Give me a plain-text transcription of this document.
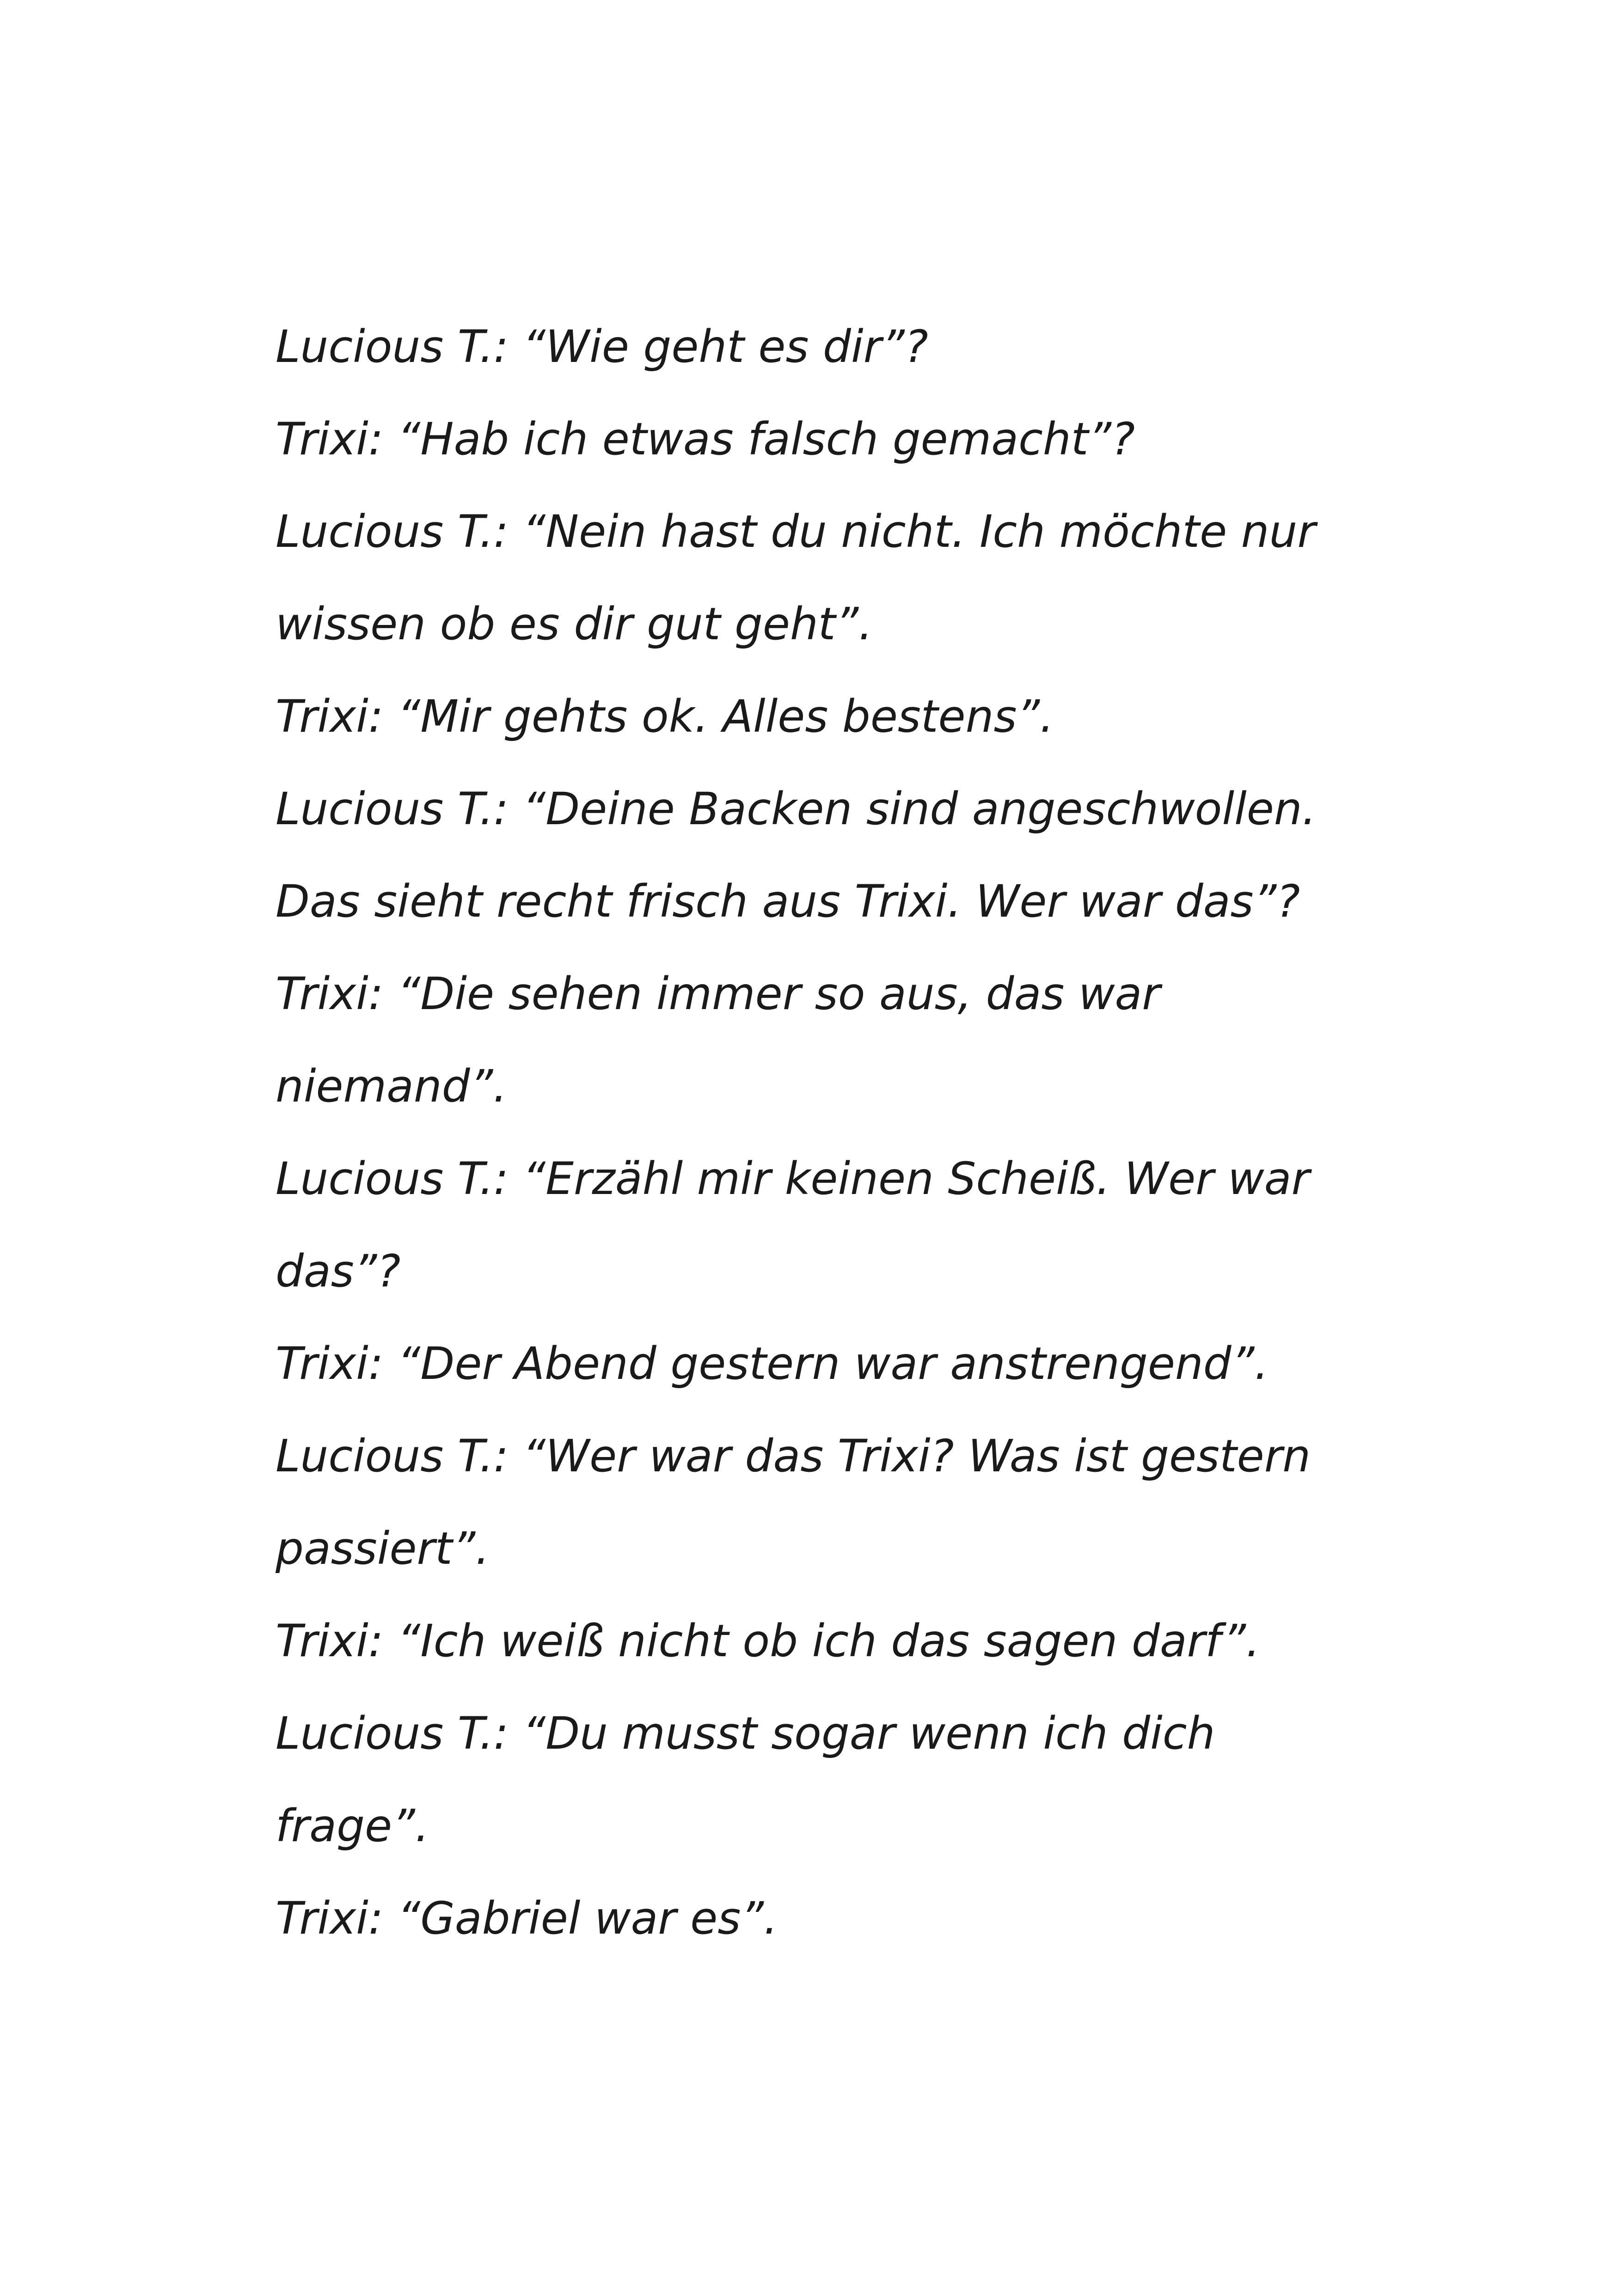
Lucious T.: “Wie geht es dir”?
Trixi: “Hab ich etwas falsch gemacht”?
Lucious T.: “Nein hast du nicht. Ich möchte nur
wissen ob es dir gut geht”.
Trixi: “Mir gehts ok. Alles bestens”.
Lucious T.: “Deine Backen sind angeschwollen.
Das sieht recht frisch aus Trixi. Wer war das”?
Trixi: “Die sehen immer so aus, das war
niemand”.
Lucious T.: “Erzähl mir keinen Scheiß. Wer war
das”?
Trixi: “Der Abend gestern war anstrengend”.
Lucious T.: “Wer war das Trixi? Was ist gestern
passiert”.
Trixi: “Ich weiß nicht ob ich das sagen darf”.
Lucious T.: “Du musst sogar wenn ich dich
frage”.
Trixi: “Gabriel war es”.
